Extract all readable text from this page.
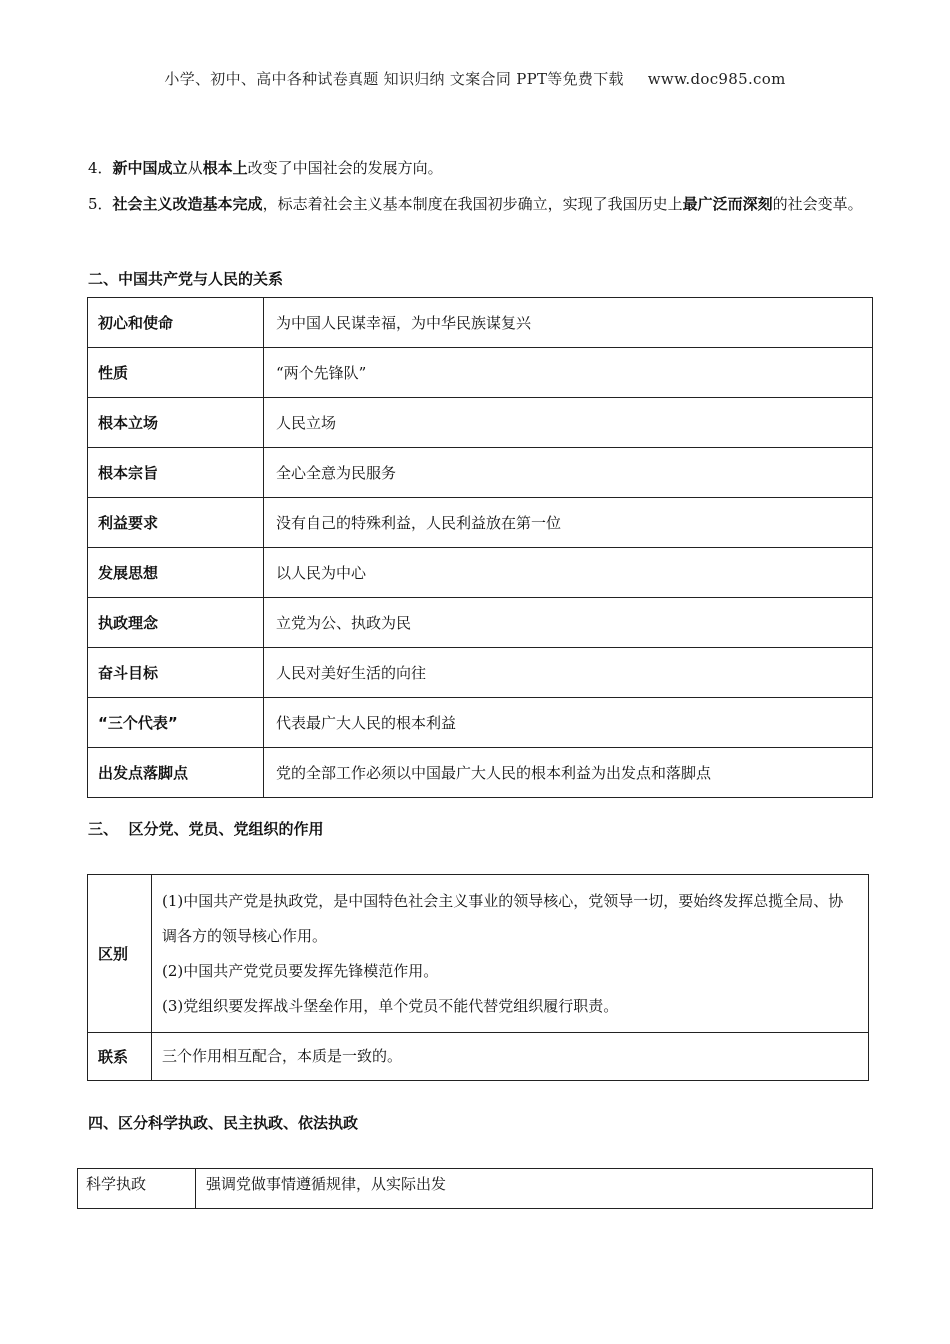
小学、初中、高中各种试卷真题 知识归纳 文案合同 PPT等免费下载 www.doc985.com
4．新中国成立从根本上改变了中国社会的发展方向。
5．社会主义改造基本完成，标志着社会主义基本制度在我国初步确立，实现了我国历史上最广泛而深刻的社会变革。
二、中国共产党与人民的关系
初心和使命	为中国人民谋幸福，为中华民族谋复兴
性质	“两个先锋队”
根本立场	人民立场
根本宗旨	全心全意为民服务
利益要求	没有自己的特殊利益，人民利益放在第一位
发展思想	以人民为中心
执政理念	立党为公、执政为民
奋斗目标	人民对美好生活的向往
“三个代表”	代表最广大人民的根本利益
出发点落脚点	党的全部工作必须以中国最广大人民的根本利益为出发点和落脚点
三、  区分党、党员、党组织的作用
区别	(1)中国共产党是执政党，是中国特色社会主义事业的领导核心，党领导一切，要始终发挥总揽全局、协调各方的领导核心作用。
(2)中国共产党党员要发挥先锋模范作用。
(3)党组织要发挥战斗堡垒作用，单个党员不能代替党组织履行职责。

联系	三个作用相互配合，本质是一致的。
四、区分科学执政、民主执政、依法执政
科学执政	强调党做事情遵循规律，从实际出发
